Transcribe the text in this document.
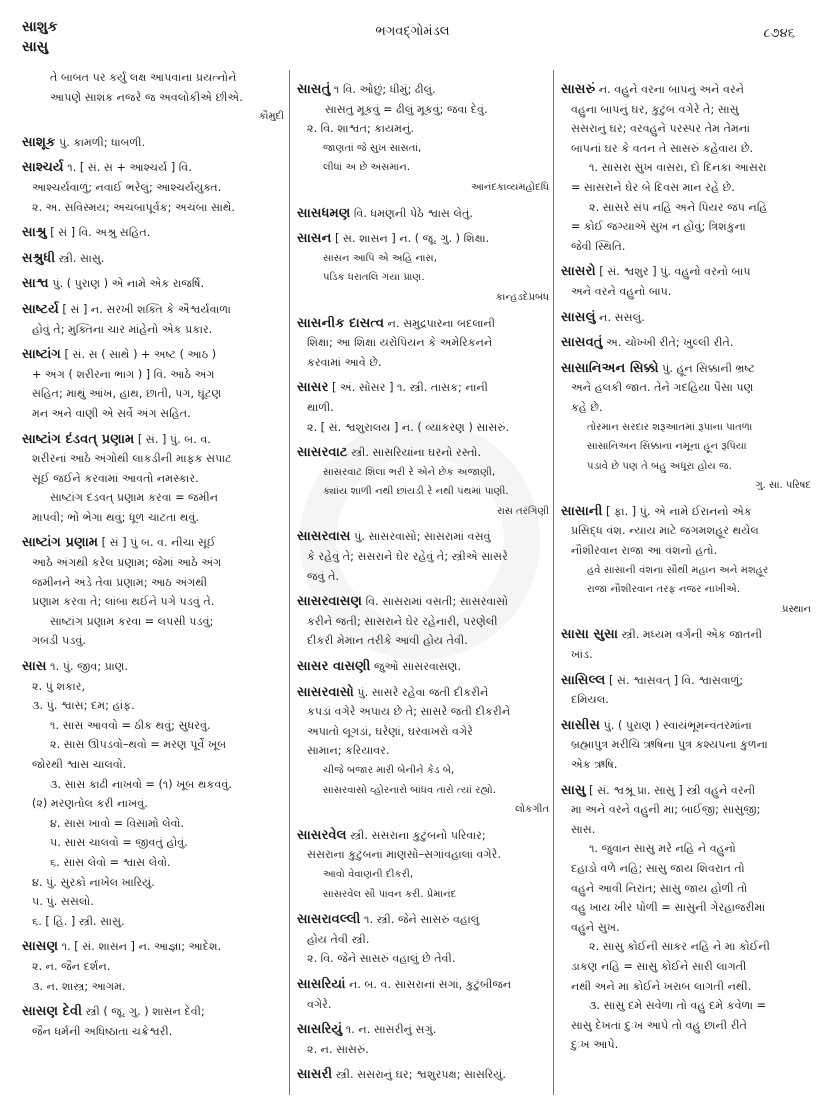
સાશુક
સાસુ
ભગવદ્ગોમંડલ	૮૭૪૬
તે બાબત પર કર્યું લક્ષ આપવાના પ્રયત્નોને
આપણે સાશંક નજરે જ અવલોકીએ છીએ.
કૌમુદી
સાશૂક પું. કામળી; ધાબળી.
સાશ્ચર્ય ૧. [ સં. સ + આશ્ચર્ય ] વિ.
આશ્ચર્યવાળું; નવાઈ ભરેલું; આશ્ચર્યયુક્ત.
૨. અ. સવિસ્મય; અચંબાપૂર્વક; અચંબા સાથે.
સાશ્રુ [ સં ] વિ. અશ્રુ સહિત.
સશ્રુધી સ્ત્રી. સાસુ.
સાશ્વ પું. ( પુરાણ ) એ નામે એક રાજર્ષિ.
સાષ્ટર્ય [ સં ] ન. સરખી શક્તિ કે ઐશ્વર્યવાળા
હોવું તે; મુક્તિના ચાર માંહેનો એક પ્રકાર.
સાષ્ટાંગ [ સં. સ ( સાથે ) + અષ્ટ ( આઠ )
+ અંગ ( શરીરના ભાગ ) ] વિ. આઠે અંગ
સહિત; માથું આંખ, હાથ, છાતી, પગ, ઘૂંટણ
મન અને વાણી એ સર્વે અંગ સહિત.
સાષ્ટાંગ દંડવત્ પ્રણામ [ સં. ] પું. બ. વ.
શરીરનાં આઠે અંગોથી લાકડીની માફક સપાટ
સૂઈ જઈને કરવામાં આવતો નમસ્કાર.
સાષ્ટાંગ દંડવત્ પ્રણામ કરવા = જમીન
માપવી; ભોં ભેગા થવું; ધૂળ ચાટતા થવું.
સાષ્ટાંગ પ્રણામ [ સં ] પું બ. વ. નીચા સૂઈ
આઠે અંગથી કરેલ પ્રણામ; જેમાં આઠે અંગ
જમીનને અડે તેવા પ્રણામ; આઠ અંગથી
પ્રણામ કરવા તે; લાંબા થઈને પગે પડવું તે.
સાષ્ટાંગ પ્રણામ કરવા = લપસી પડવું;
ગબડી પડવું.
સાસ ૧. પું. જીવ; પ્રાણ.
૨. પું શકાર,
૩. પું. શ્વાસ; દમ; હાંફ.
૧. સાસ આવવો = ઠીક થવું; સુધરવું.
૨. સાસ ઊપડવો–થવો = મરણ પૂર્વે ખૂબ
જોરથી શ્વાસ ચાલવો.
૩. સાસ કાઢી નાખવો = (૧) ખૂબ થકવવું.
(૨) મરણતોલ કરી નાખવું.
૪. સાસ ખાવો = વિસામો લેવો.
૫. સાસ ચાલવો = જીવતું હોવું.
૬. સાસ લેવો = શ્વાસ લેવો.
૪. પું. સુરકો નાખેલ ખારિયું.
૫. પું. સસલો.
૬. [ હિં. ] સ્ત્રી. સાસુ.
સાસણ ૧. [ સં. શાસન ] ન. આજ્ઞા; આદેશ.
૨. ન. જૈન દર્શન.
૩. ન. શાસ્ત્ર; આગમ.
સાસણ દેવી સ્ત્રી ( જૂ. ગુ. ) શાસન દેવી;
જૈન ધર્મની અધિષ્ઠાતા ચક્રેશ્વરી.
સાસતું ૧ વિ. ઓછું; ધીમું; ઢીલું.
સાસતુ મૂકવું = ઢીલું મૂકવું; જવા દેવું.
૨. વિ. શાશ્વત; કાયમનું.
જાણતાં જે સુખ સાસતાં,
લીધાં અ છે અસમાન.
આનંદકાવ્યમહોદધિ
સાસધમણ વિ. ધમણની પેઠે શ્વાસ લેતું.
સાસન [ સં. શાસન ] ન. ( જૂ. ગુ. ) શિક્ષા.
સાસન આપિ એ અહિ નાસ,
પડિક ધરાતલિ ગયા પ્રાણ.
કાન્હડદેપ્રબંધ
સાસનીક દાસત્વ ન. સમુદ્રપારના બદલાની
શિક્ષા; આ શિક્ષા યરોપિયન કે અમેરિકનને
કરવામાં આવે છે.
સાસર [ અં. સોસર ] ૧. સ્ત્રી. તાસક; નાની
થાળી.
૨. [ સં. શ્વશુરાલય ] ન. ( વ્યાકરણ ) સાસરું.
સાસરવાટ સ્ત્રી. સાસરિયાંના ઘરનો રસ્તો.
સાસરવાટ શિલા ભરી રે એને છેક અજાણી,
ક્યાંય શાળી નથી છાંયડી રે નથી પંથમાં પાણી.
રાસ તરંગિણી
સાસરવાસ પું. સાસરવાસો; સાસરામાં વસવું
કે રહેવું તે; સસરાને ઘેર રહેવું તે; સ્ત્રીએ સાસરે
જવું તે.
સાસરવાસણ વિ. સાસરામાં વસતી; સાસરવાસો
કરીને જતી; સાસરાને ઘેર રહેનારી, પરણેલી
દીકરી મેમાન તરીકે આવી હોય તેવી.
સાસર વાસણી જુઓ સાસરવાસણ.
સાસરવાસો પું. સાસરે રહેવા જતી દીકરીને
કપડાં વગેરે અપાય છે તે; સાસરે જતી દીકરીને
અપાતો લૂગડાં, ઘરેણાં, ઘરવાખરો વગેરે
સામાન; કરિયાવર.
ચીજે બજાર મારી બેનીને કેડ બે,
સાસરવાસો વ્હોરનારો બાંધવ તારો ત્યાં રહ્યો.
લોકગીત
સાસરવેલ સ્ત્રી. સસરાના કુટુંબનો પરિવાર;
સસરાના કુટુંબનાં માણસો–સગાંવહાલાં વગેરે.
આવો વેવાણની દીકરી,
સાસરવેલ સૌ પાવન કરી. પ્રેમાનંદ
સાસરાવલ્લી ૧. સ્ત્રી. જેને સાસરું વહાલું
હોય તેવી સ્ત્રી.
૨. વિ. જેને સાસરું વહાલું છે તેવી.
સાસરિયાં ન. બ. વ. સાસરાનાં સગાં, કુટુંબીજન
વગેરે.
સાસરિયું ૧. ન. સાસરીનું સગું.
૨. ન. સાસરું.
સાસરી સ્ત્રી. સસરાનું ઘર; શ્વશુરપક્ષ; સાસરિયું.
સાસરું ન. વહુને વરના બાપનું અને વરને
વહુના બાપનું ઘર, કુટુંબ વગેરે તે; સાસુ
સસરાનું ઘર; વરવહુને પરસ્પર તેમ તેમનાં
બાપનાં ઘર કે વતન તે સાસરું કહેવાય છે.
૧. સાસરા સુખ વાસરા, દો દિનકા આસરા
= સાસરાને ઘેર બે દિવસ માન રહે છે.
૨. સાસરે સંપ નહિ અને પિયર જંપ નહિ
= કોઈ જગ્યાએ સુખ ન હોવું; ત્રિશંકુના
જેવી સ્થિતિ.
સાસરો [ સં. શ્વશુર ] પું. વહુનો વરનો બાપ
અને વરને વહુનો બાપ.
સાસલું ન. સસલું.
સાસવતું અ. ચોખ્ખી રીતે; ખુલ્લી રીતે.
સાસાનિઅન સિક્કો પું. હૂન સિક્કાની ભ્રષ્ટ
અને હલકી જાત. તેને ગદહિયા પૈસા પણ
કહે છે.
તોરમાન સરદાર શરૂઆતમાં રૂપાના પાતળા
સાસાનિઅન સિક્કાના નમૂના હૂન રૂપિયા
પડાવે છે પણ તે બહુ અધૂરા હોય જ.
ગુ. સા. પરિષદ
સાસાની [ ફા. ] પું. એ નામે ઈરાનનો એક
પ્રસિદ્ધ વંશ. ન્યાય માટે જગમશહૂર થયેલ
નૌશીરવાન રાજા આ વંશનો હતો.
હવે સાસાની વંશના સૌથી મહાન અને મશહૂર
રાજા નૌશીરવાન તરફ નજર નાખીએ.
પ્રસ્થાન
સાસા સુસા સ્ત્રી. મધ્યમ વર્ગની એક જાતની
ખાંડ.
સાસિલ્લ [ સં. શ્વાસવત્ ] વિ. શ્વાસવાળું;
દમિયલ.
સાસીસ પું. ( પુરાણ ) સ્વાયંભૂમન્વંતરમાંના
બ્રહ્માપુત્ર મરીચિ ઋષિના પુત્ર કશ્યપના કુળના
એક ઋષિ.
સાસુ [ સં. શ્વશ્રૂ પ્રા. સાસુ ] સ્ત્રી વહુને વરની
મા અને વરને વહુની મા; બાઈજી; સાસુજી;
સાસ.
૧. જુવાન સાસુ મરે નહિ ને વહુનો
દહાડો વળે નહિ; સાસુ જાય શિવરાત તો
વહુને આવી નિરાંત; સાસુ જાય હોળી તો
વહુ ખાય ખીર પોળી = સાસુની ગેરહાજરીમાં
વહુને સુખ.
૨. સાસુ કોઈની સાકર નહિ ને મા કોઈની
ડાકણ નહિ = સાસુ કોઈને સારી લાગતી
નથી અને મા કોઈને ખરાબ લાગતી નથી.
૩. સાસુ દમે સવેળા તો વહુ દમે કવેળા =
સાસુ દેખતાં દુઃખ આપે તો વહુ છાની રીતે
દુઃખ આપે.
